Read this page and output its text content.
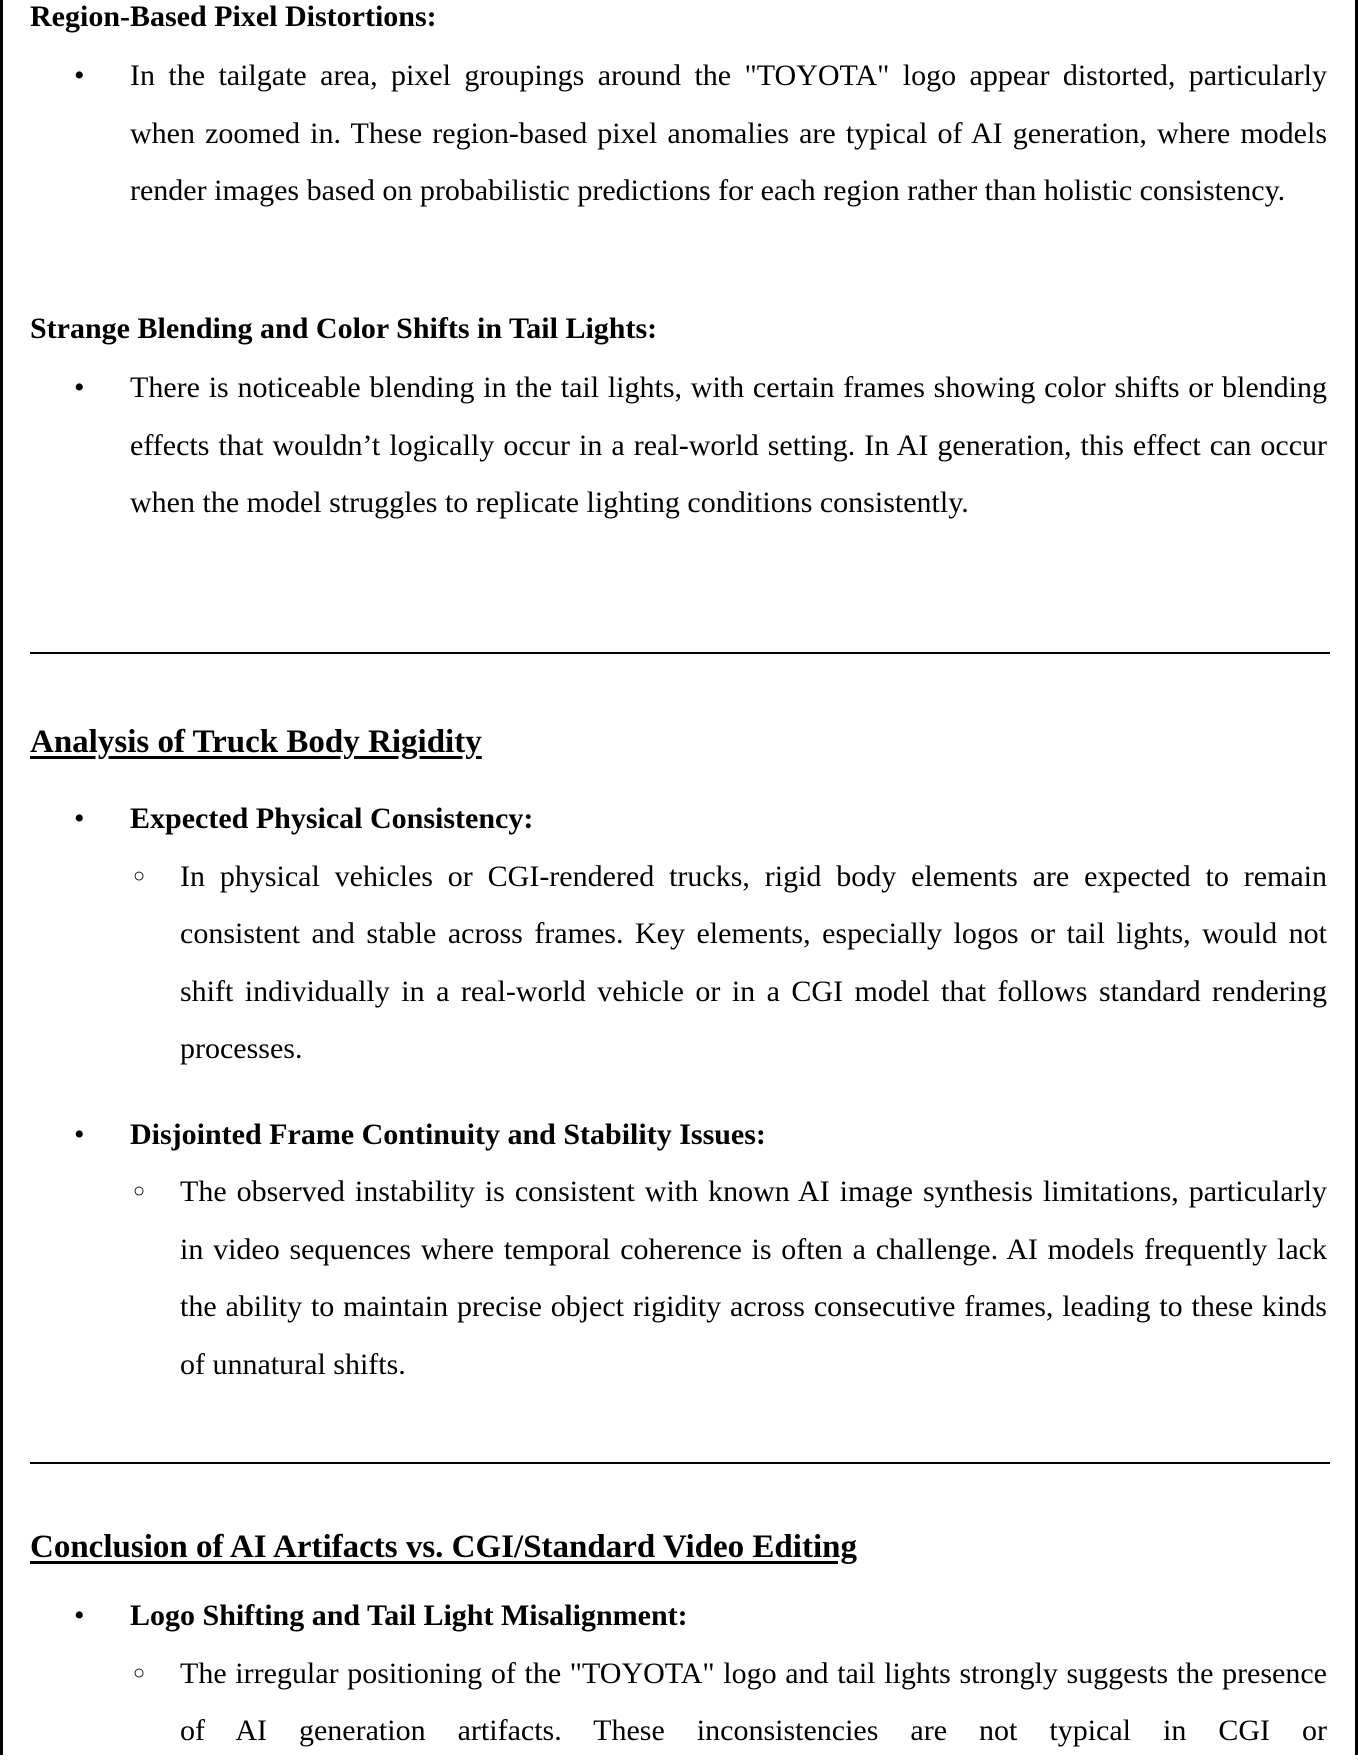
Region-Based Pixel Distortions:

• In the tailgate area, pixel groupings around the "TOYOTA" logo appear distorted, particularly when zoomed in. These region-based pixel anomalies are typical of AI generation, where models render images based on probabilistic predictions for each region rather than holistic consistency.

Strange Blending and Color Shifts in Tail Lights:

• There is noticeable blending in the tail lights, with certain frames showing color shifts or blending effects that wouldn’t logically occur in a real-world setting. In AI generation, this effect can occur when the model struggles to replicate lighting conditions consistently.
Analysis of Truck Body Rigidity
• Expected Physical Consistency:
○ In physical vehicles or CGI-rendered trucks, rigid body elements are expected to remain consistent and stable across frames. Key elements, especially logos or tail lights, would not shift individually in a real-world vehicle or in a CGI model that follows standard rendering processes.
• Disjointed Frame Continuity and Stability Issues:
○ The observed instability is consistent with known AI image synthesis limitations, particularly in video sequences where temporal coherence is often a challenge. AI models frequently lack the ability to maintain precise object rigidity across consecutive frames, leading to these kinds of unnatural shifts.
Conclusion of AI Artifacts vs. CGI/Standard Video Editing
• Logo Shifting and Tail Light Misalignment:
○ The irregular positioning of the "TOYOTA" logo and tail lights strongly suggests the presence of AI generation artifacts. These inconsistencies are not typical in CGI or
